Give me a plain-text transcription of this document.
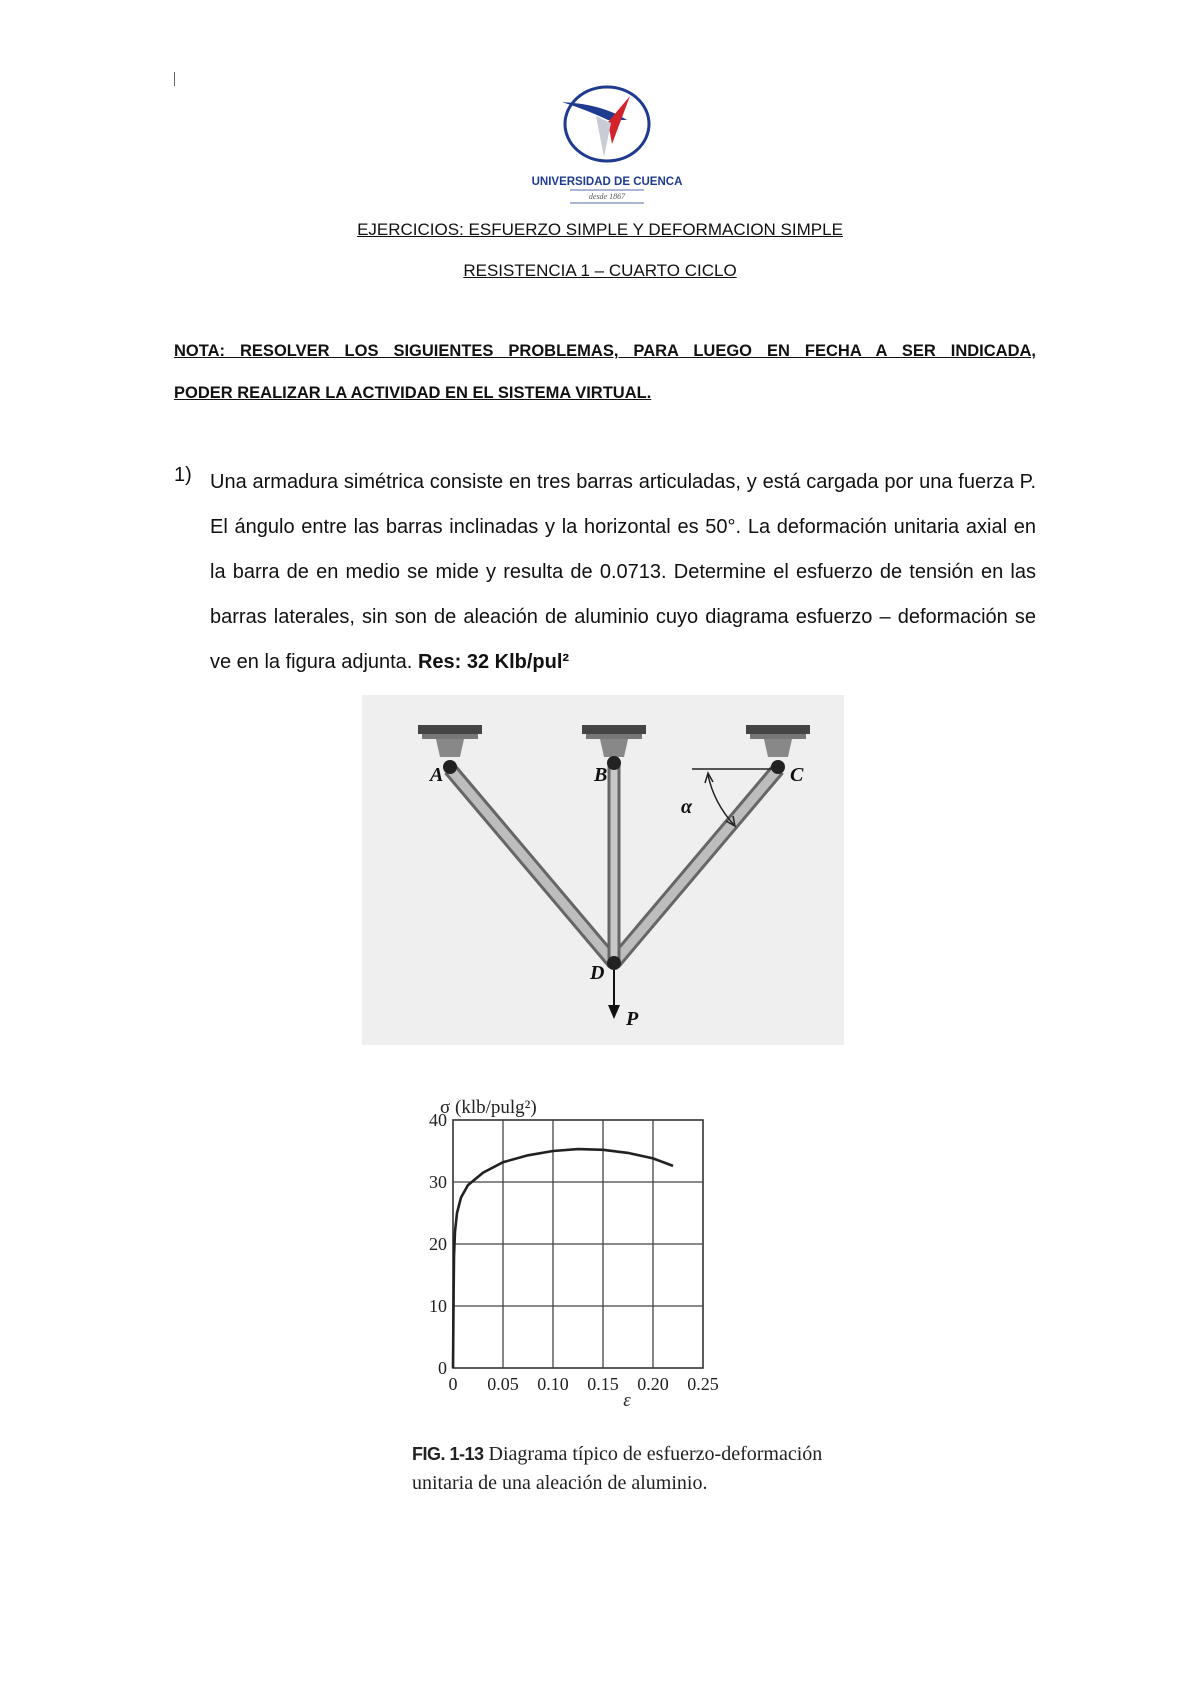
UNIVERSIDAD DE CUENCA
desde 1867
EJERCICIOS: ESFUERZO SIMPLE Y DEFORMACION SIMPLE
RESISTENCIA 1 – CUARTO CICLO
NOTA: RESOLVER LOS SIGUIENTES PROBLEMAS, PARA LUEGO EN FECHA A SER INDICADA,
PODER REALIZAR LA ACTIVIDAD EN EL SISTEMA VIRTUAL.
1) Una armadura simétrica consiste en tres barras articuladas, y está cargada por una fuerza P. El ángulo entre las barras inclinadas y la horizontal es 50°. La deformación unitaria axial en la barra de en medio se mide y resulta de 0.0713. Determine el esfuerzo de tensión en las barras laterales, sin son de aleación de aluminio cuyo diagrama esfuerzo – deformación se ve en la figura adjunta. Res: 32 Klb/pul²
A	B	C
D
α
P
σ (klb/pulg²)
ε
0 0.05 0.10 0.15 0.20 0.25
0
10
20
30
40
FIG. 1-13 Diagrama típico de esfuerzo-deformación unitaria de una aleación de aluminio.
